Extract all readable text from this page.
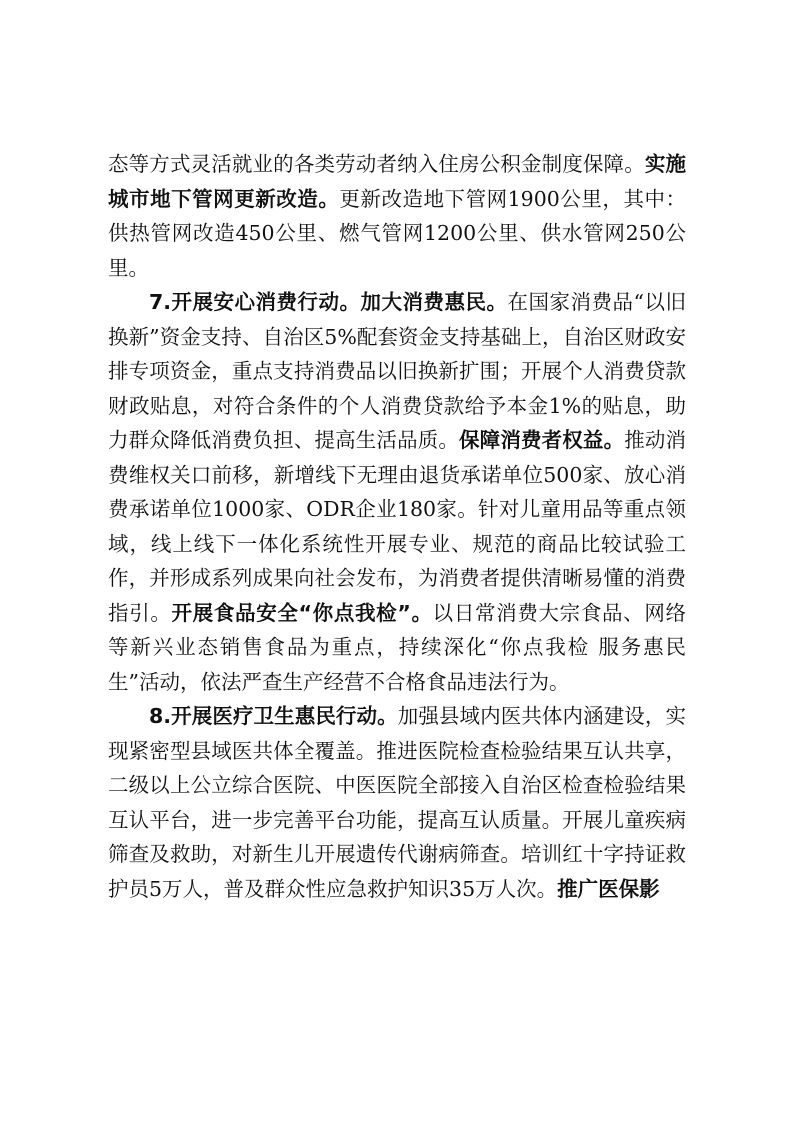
态等方式灵活就业的各类劳动者纳入住房公积金制度保障。实施城市地下管网更新改造。更新改造地下管网1900公里，其中：供热管网改造450公里、燃气管网1200公里、供水管网250公里。

7.开展安心消费行动。加大消费惠民。在国家消费品“以旧换新”资金支持、自治区5%配套资金支持基础上，自治区财政安排专项资金，重点支持消费品以旧换新扩围；开展个人消费贷款财政贴息，对符合条件的个人消费贷款给予本金1%的贴息，助力群众降低消费负担、提高生活品质。保障消费者权益。推动消费维权关口前移，新增线下无理由退货承诺单位500家、放心消费承诺单位1000家、ODR企业180家。针对儿童用品等重点领域，线上线下一体化系统性开展专业、规范的商品比较试验工作，并形成系列成果向社会发布，为消费者提供清晰易懂的消费指引。开展食品安全“你点我检”。以日常消费大宗食品、网络等新兴业态销售食品为重点，持续深化“你点我检 服务惠民生”活动，依法严查生产经营不合格食品违法行为。

8.开展医疗卫生惠民行动。加强县域内医共体内涵建设，实现紧密型县域医共体全覆盖。推进医院检查检验结果互认共享，二级以上公立综合医院、中医医院全部接入自治区检查检验结果互认平台，进一步完善平台功能，提高互认质量。开展儿童疾病筛查及救助，对新生儿开展遗传代谢病筛查。培训红十字持证救护员5万人，普及群众性应急救护知识35万人次。推广医保影
